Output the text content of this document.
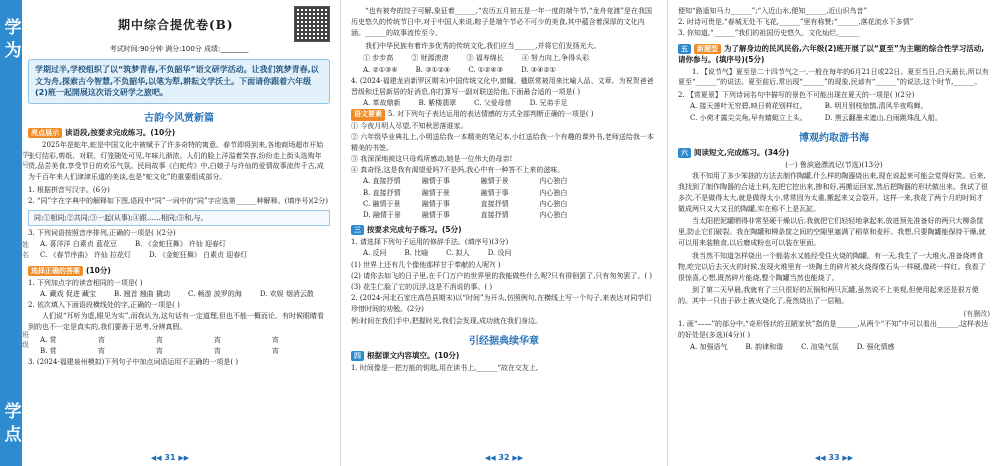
学为
学点
学号
姓名
班级
期中综合提优卷(B)
考试时间:90分钟 满分:100分 成绩:________
学期过半,学校组织了以“筑梦青春,不负韶华”语文研学活动。让我们筑梦青春,以文为舟,探索古今智慧,不负韶华,以笔为犁,耕耘文学沃土。下面请你跟着六年级(2)班一起開展这次语文研学之旅吧。
古韵今风赏新篇
亮点展示 读语段,按要求完成练习。(10分)
2025年是蛇年,蛇是中国文化中被赋予了许多奇特的寓意。春节即将到来,各地商场超市开始张灯结彩,剪纸、对联、灯笼随处可见,年味儿渐浓。人们的脸上洋溢着笑容,纷纷走上街头选购年货,品尝美食,享受节日的欢乐气氛。民间故事《白蛇传》中,白娘子与许仙的爱情故事流传千古,成为千百年来人们津津乐道的美谈,也是“蛇文化”的重要组成部分。
1. 根据拼音写汉字。(6分)
2. “同”字在字典中的解释如下图,语段中“同”一词中的“同”字应选第______种解释。(填序号)(2分)
同:①相同;②共同;③一起(从事);④跟……相同;⑤和,与。
3. 下列词语按照音序排列,正确的一项是( )(2分)
A. 喜洋洋 白素贞 蓝花豆	B. 《金蛇狂舞》 许仙 迎春灯
C. 《春节序曲》 许仙 拉花灯	D. 《金蛇狂舞》 白素贞 迎春灯
选择正确的答案 (10分)
1. 下列加点字的读音相同的一项是( )
A. 藏戏 促进 藏宝	B. 翘首 翘曲 撬动	C. 畅游 波罗的海	D. 欢娱 烟消云散
2. 依次填入下面语段横线处的字,正确的一项是( )
人们说“耳听为虚,眼见为实”,而我认为,这句话有一定道理,但也不能一概而论。有时候眼睛看到的也不一定是真实的,我们要善于思考,分辨真假。
A. 赏	宵	宵	宵	宵
B. 赏	宵	宵	宵	宵
3. (2024·福建泉州模拟)下列句子中加点词语运用不正确的一项是( )
◀◀ 31 ▶▶
“也有被夸的饺子可解,象征着______,“农历五月初五是一年一度的端午节,“龙舟竞渡”是在我国历史悠久的传统节日中,对于中国人来说,粽子是端午节必不可少的美食,其中蕴含着深厚的文化内涵。______的故事流传至今。
我们中华民族有着许多优秀的传统文化,我们应当______,并将它们发扬光大。
① 步步高	② 财源滚滚	③ 福寿绵长	④ 努力向上,争得头彩
A. ②①③④	B. ③①②④	C. ①②④③	D. ③④②①
4. (2024·福建龙岩新罗区期末)中国传统文化中,窗牖、楹联常被用来比喻人品、文章。为祝贺爸爸晋级和迁居新居的好消息,你打算写一副对联送给他,下面最合适的一项是( )
A. 革故鼎新	B. 紫楼翡翠	C. 父爱母慈	D. 兄弟手足
语文要素 5. 对下列句子表达运用的表达情感的方式全部判断正确的一项是( )
① 今夜月明人尽望,不知秋思落谁家。
② 六年级毕业典礼上,小明送给我一本精美的笔记本,小红送给我一个有趣的课外书,老师送给我一本精美的书签。
③ 我深深地被这只母鸡所感动,她是一位伟大的母亲!
④ 真奇怪,这是我有渴望爱吗?不是吗,我心中有一种答不上来的滋味。
A. 直接抒情	融情于事	融情于景	内心独白
B. 直接抒情	融情于景	融情于事	内心独白
C. 融情于景	融情于事	直接抒情	内心独白
D. 融情于景	融情于事	直接抒情	内心独白
三 按要求完成句子练习。(5分)
1. 请选择下列句子运用的修辞手法。(填序号)(3分)
A. 反问	B. 比喻	C. 拟人	D. 设问
(1) 世界上还有几个像他那样甘于奉献的人呢?( )
(2) 请你去如飞的日子里,在千门万户的世界里的我能做些什么呢?只有徘徊罢了,只有匆匆罢了。( )
(3) 花生仁脸了它的沉浮,这是不消说的事。( )
2. (2024·河北石家庄高邑县期末)以“时间”为开头,仿照例句,在横线上写一个句子,来表达对同学们珍惜时间的劝勉。(2分)
例:时间在我们手中,把握时光,我们会发现,成功就在我们身边。
引经据典续华章
四 根据课文内容填空。(10分)
1. 时间像是一把万能的钥匙,用在读书上,______“故在交友上,
◀◀ 32 ▶▶
便知“路遥知马力______”;“入近山水,便知______,近山识鸟音”
2. 时诗可贵是,“春城无处不飞花,______”里有称赞;“______,落花流水下多情”
3. 你知道,“______”我们的祖国历史悠久、文化灿烂,______
五 新题型 为了解身边的民风民俗,六年级(2)班开展了以“夏至”为主题的综合性学习活动,请你参与。(填序号)(5分)
1. 【说节气】夏至是二十四节气之一,一般在每年的6月21日或22日。夏至当日,白天最长,所以有夏至“______”的说法。夏至前后,常出现“______”的现象,民谚有“______”的说法,这个时节,______。
2. 【赏夏景】下列诗词名句中描写的景色不可能出现在夏天的一项是( )(2分)
A. 接天莲叶无穷碧,映日荷花别样红。	B. 明月别枝惊鹊,清风半夜鸣蝉。
C. 小荷才露尖尖角,早有蜻蜓立上头。	D. 黑云翻墨未遮山,白雨跳珠乱入船。
博观约取游书海
六 阅读短文,完成练习。(34分)
(一) 鲁滨逊漂流记(节选)(13分)
我不知用了多少笨拙的方法去制作陶罐,什么样的陶器烧出来,现在说起来可能会觉得好笑。后来,我找到了制作陶器的合适土料,先把它挖出来,掺和好,再搬运回家,然后把陶器的形状做出来。我试了很多次,不是做得太大,就是做得太小,常常因为太重,搬起来又会裂开。这样一来,我花了两个月的时间才做成两只又大又丑的陶罐,实在称不上是瓦缸。
当太阳把泥罐晒得非常坚硬干燥以后,我就把它们轻轻地拿起来,放进预先准备好的两只大柳条筐里,防止它们破裂。我在陶罐和柳条筐之间的空隙里塞满了稻草和麦秆。我想,只要陶罐能保持干燥,就可以用来装粮食,以后磨成粉也可以装在里面。
我当然不知道怎样烧出一个能装水又能经受住火烧的陶罐。有一天,我生了一大堆火,准备烧烤食物,吃完以后去灭火的时候,发现火堆里有一块陶土的碎片被火烧得像石头一样硬,像砖一样红。我看了很惊喜,心想,既然碎片能烧,整个陶罐当然也能烧了。
到了第二天早晨,我就有了三只很好的瓦锅和两只瓦罐,虽然说不上美观,但使用起来还是很方便的。其中一只由于砂土被火烧化了,竟然烧出了一层釉。
(有删改)
1. 画“——”的部分中,“奇形怪状的丑陋家伙”指的是______,从两个“不知”中可以看出______,这样表达的好处是(多选)(4分)( )
A. 加强语气	B. 韵律和谐	C. 渲染气氛	D. 强化情感
◀◀ 33 ▶▶
